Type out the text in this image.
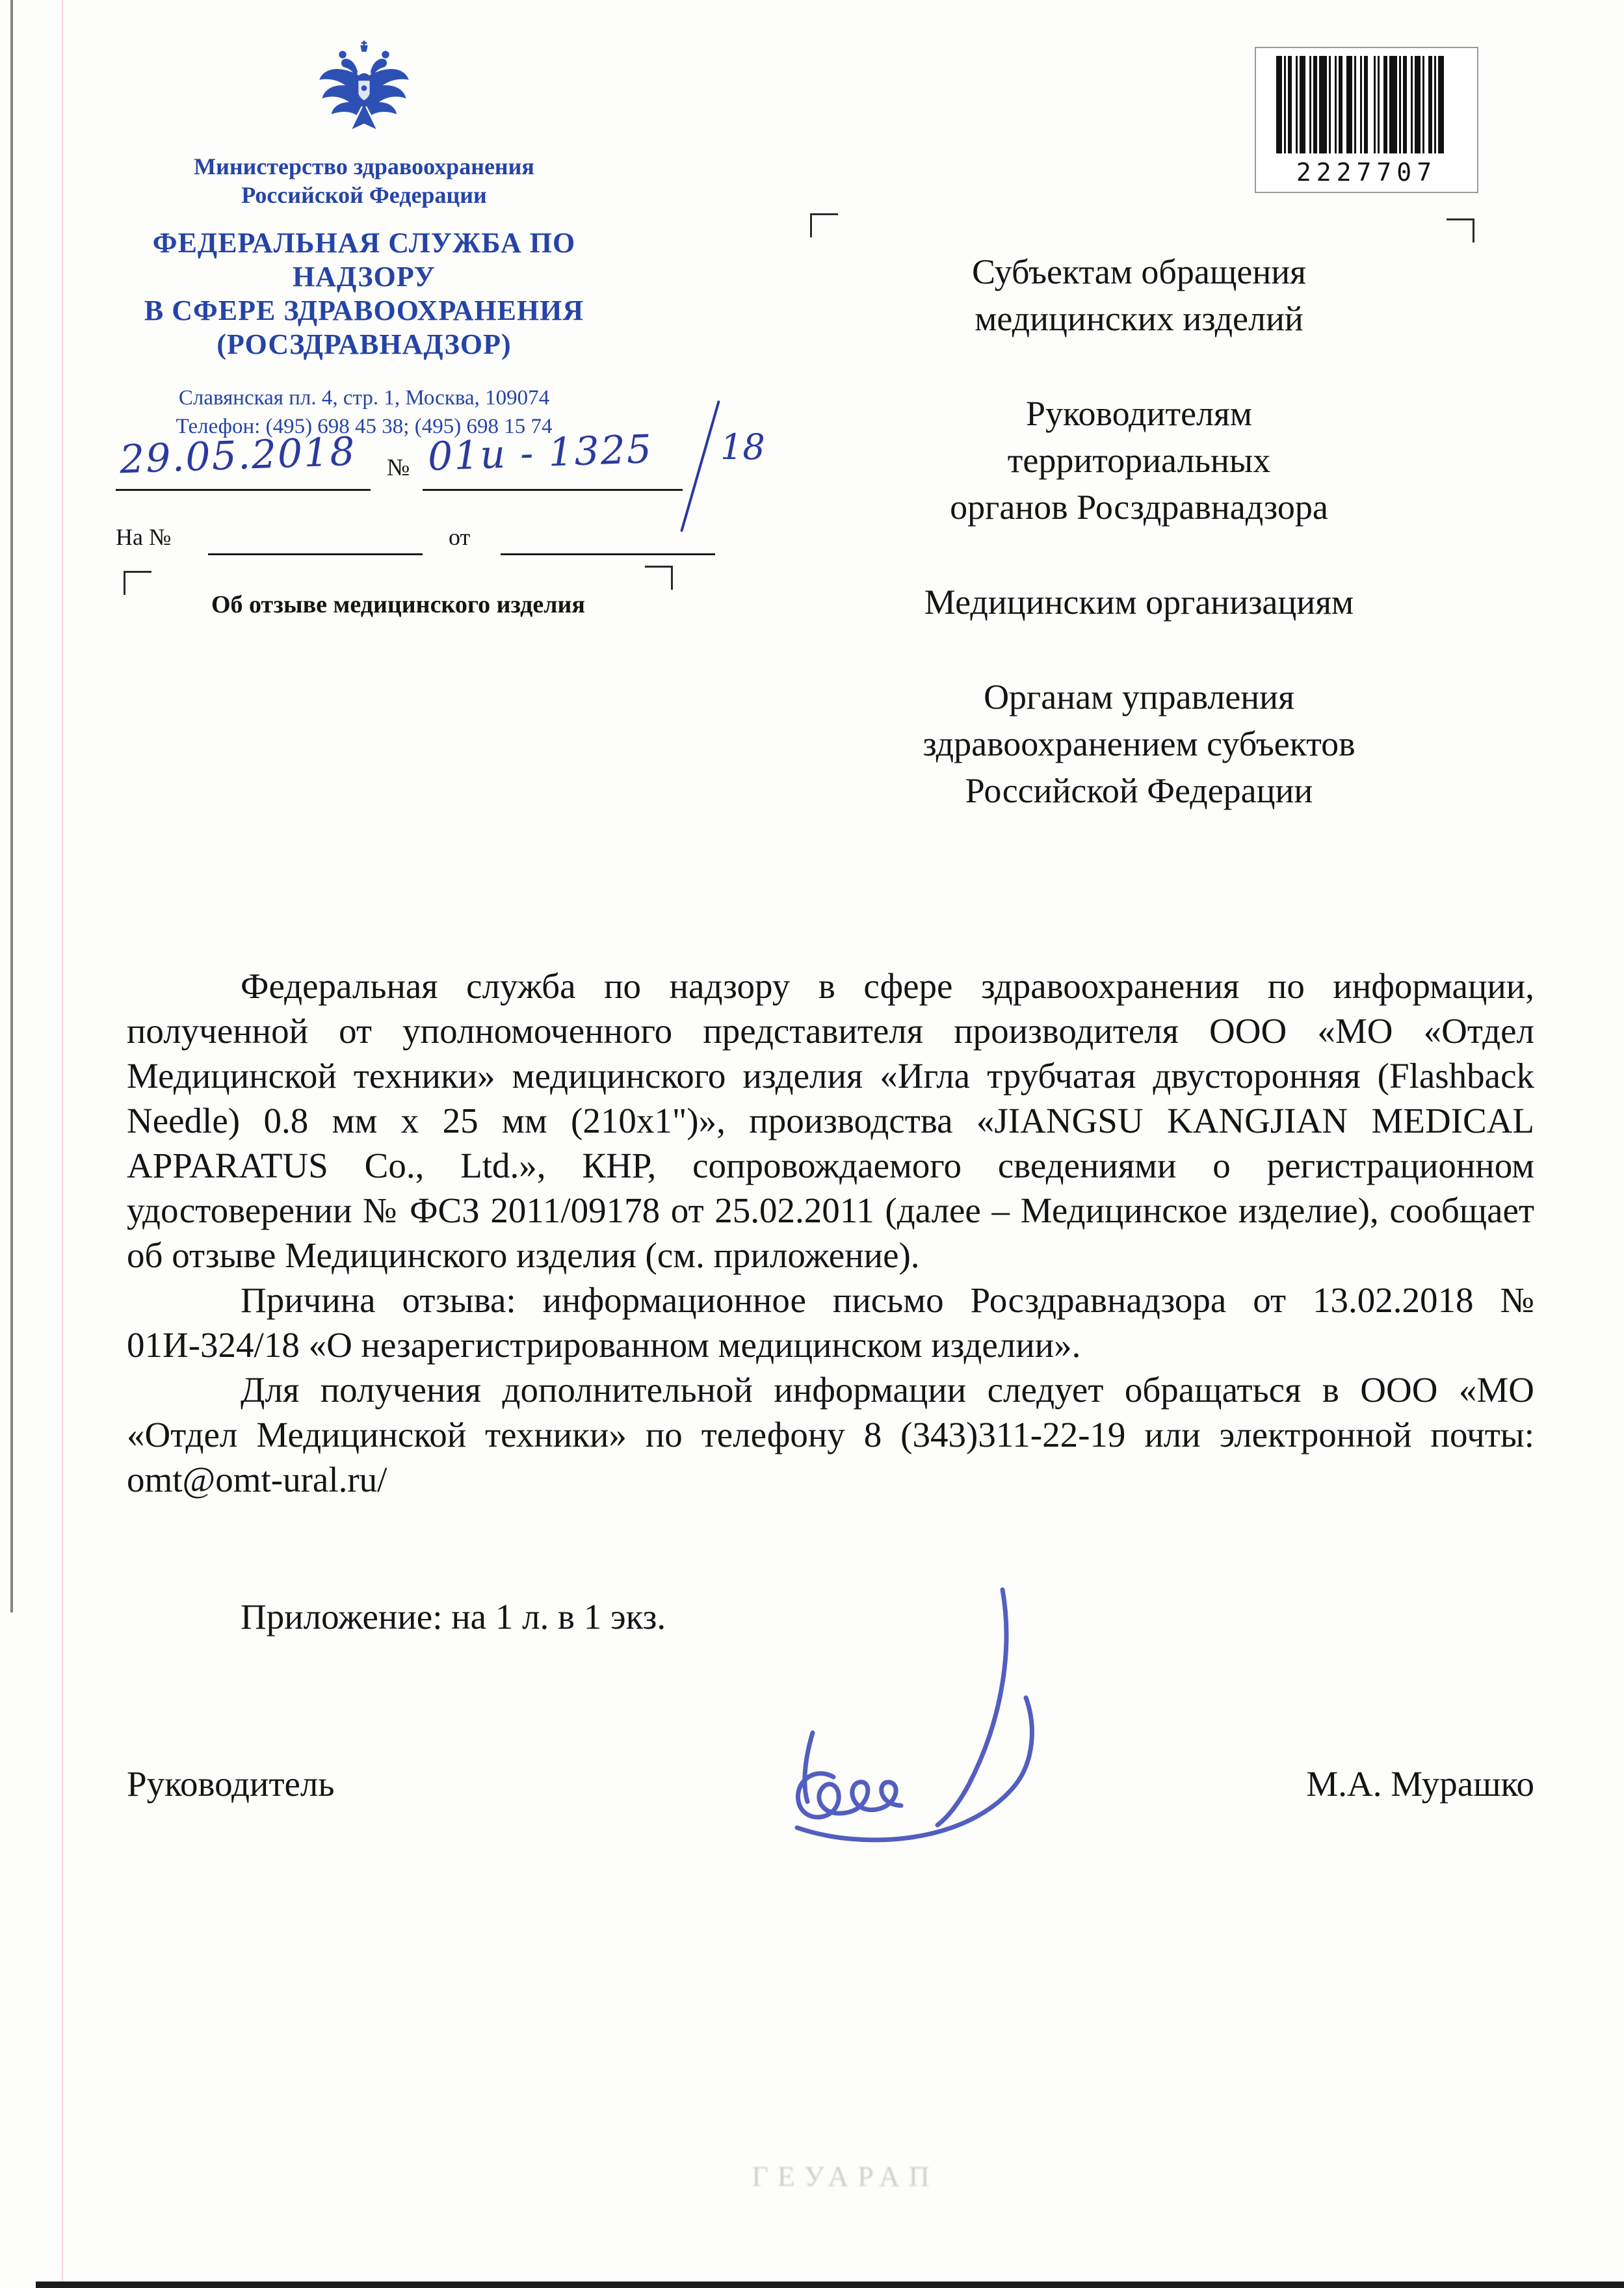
Министерство здравоохранения
Российской Федерации
ФЕДЕРАЛЬНАЯ СЛУЖБА ПО НАДЗОРУ
В СФЕРЕ ЗДРАВООХРАНЕНИЯ
(РОСЗДРАВНАДЗОР)
Славянская пл. 4, стр. 1, Москва, 109074
Телефон: (495) 698 45 38; (495) 698 15 74
29.05.2018 № 01и - 1325 18
На №	от
Об отзыве медицинского изделия
2227707
Субъектам обращения
медицинских изделий
Руководителям
территориальных
органов Росздравнадзора
Медицинским организациям
Органам управления
здравоохранением субъектов
Российской Федерации

Федеральная служба по надзору в сфере здравоохранения по информации, полученной от уполномоченного представителя производителя ООО «МО «Отдел Медицинской техники» медицинского изделия «Игла трубчатая двусторонняя (Flashback Needle) 0.8 мм х 25 мм (210х1")», производства «JIANGSU KANGJIAN MEDICAL APPARATUS Co., Ltd.», КНР, сопровождаемого сведениями о регистрационном удостоверении № ФСЗ 2011/09178 от 25.02.2011 (далее – Медицинское изделие), сообщает об отзыве Медицинского изделия (см. приложение).

Причина отзыва: информационное письмо Росздравнадзора от 13.02.2018 № 01И-324/18 «О незарегистрированном медицинском изделии».

Для получения дополнительной информации следует обращаться в ООО «МО «Отдел Медицинской техники» по телефону 8 (343)311-22-19 или электронной почты: omt@omt-ural.ru/

Приложение: на 1 л. в 1 экз.
Руководитель	М.А. Мурашко
ГЕУАРАП
